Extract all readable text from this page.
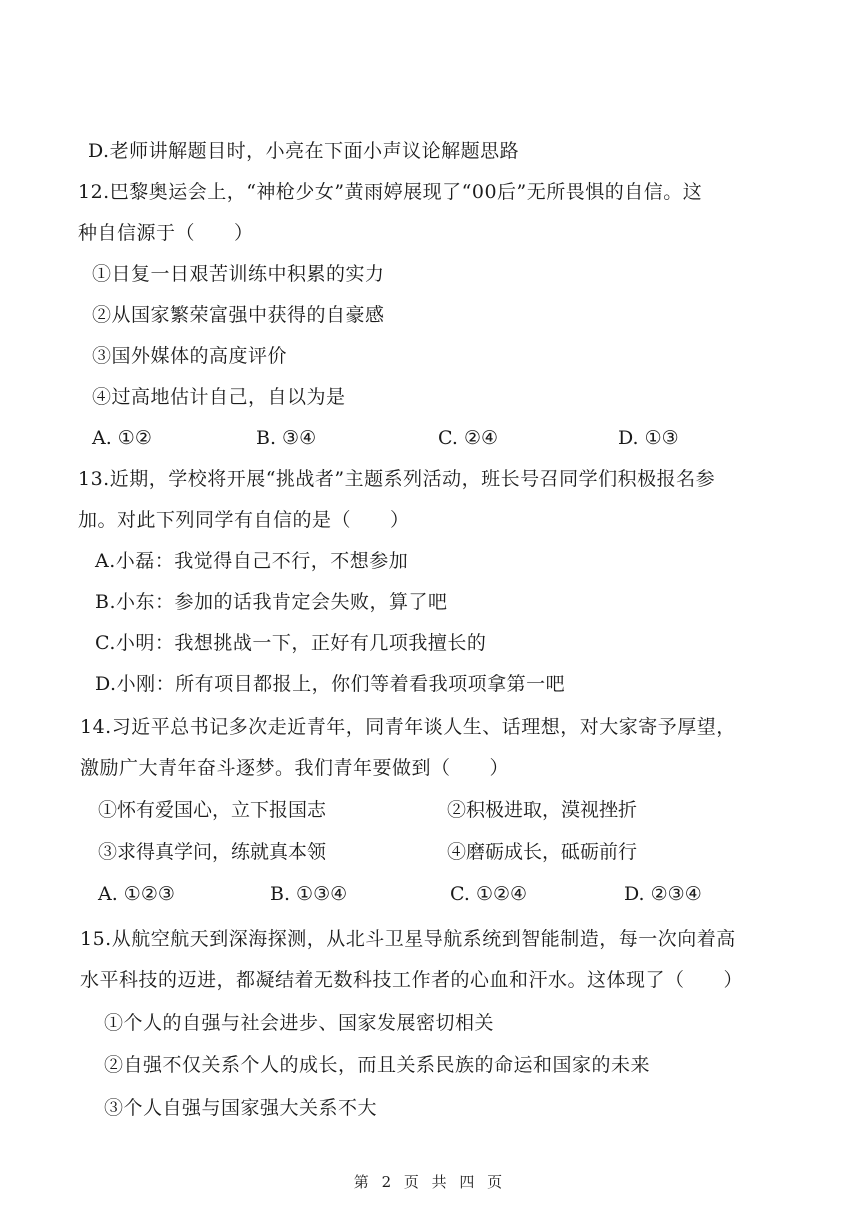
D.老师讲解题目时，小亮在下面小声议论解题思路
12.巴黎奥运会上，“神枪少女”黄雨婷展现了“00后”无所畏惧的自信。这
种自信源于（　　）
①日复一日艰苦训练中积累的实力
②从国家繁荣富强中获得的自豪感
③国外媒体的高度评价
④过高地估计自己，自以为是
A. ①②	B. ③④	C. ②④	D. ①③
13.近期，学校将开展“挑战者”主题系列活动，班长号召同学们积极报名参
加。对此下列同学有自信的是（　　）
A.小磊：我觉得自己不行，不想参加
B.小东：参加的话我肯定会失败，算了吧
C.小明：我想挑战一下，正好有几项我擅长的
D.小刚：所有项目都报上，你们等着看我项项拿第一吧
14.习近平总书记多次走近青年，同青年谈人生、话理想，对大家寄予厚望，
激励广大青年奋斗逐梦。我们青年要做到（　　）
①怀有爱国心，立下报国志	②积极进取，漠视挫折
③求得真学问，练就真本领	④磨砺成长，砥砺前行
A. ①②③	B. ①③④	C. ①②④	D. ②③④
15.从航空航天到深海探测，从北斗卫星导航系统到智能制造，每一次向着高
水平科技的迈进，都凝结着无数科技工作者的心血和汗水。这体现了（　　）
①个人的自强与社会进步、国家发展密切相关
②自强不仅关系个人的成长，而且关系民族的命运和国家的未来
③个人自强与国家强大关系不大
第 2 页 共 四 页
